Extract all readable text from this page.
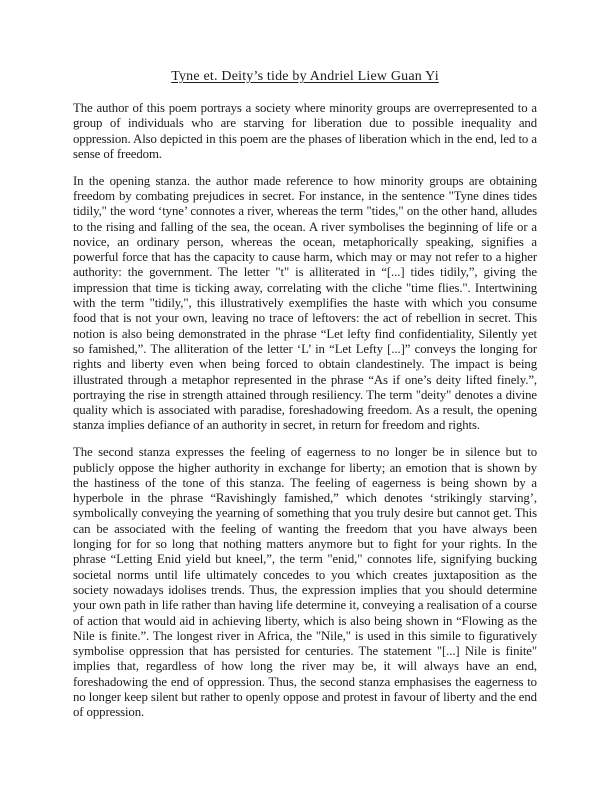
Tyne et. Deity’s tide by Andriel Liew Guan Yi

The author of this poem portrays a society where minority groups are overrepresented to a group of individuals who are starving for liberation due to possible inequality and oppression. Also depicted in this poem are the phases of liberation which in the end, led to a sense of freedom.

In the opening stanza. the author made reference to how minority groups are obtaining freedom by combating prejudices in secret. For instance, in the sentence "Tyne dines tides tidily," the word ‘tyne’ connotes a river, whereas the term "tides," on the other hand, alludes to the rising and falling of the sea, the ocean. A river symbolises the beginning of life or a novice, an ordinary person, whereas the ocean, metaphorically speaking, signifies a powerful force that has the capacity to cause harm, which may or may not refer to a higher authority: the government. The letter "t" is alliterated in “[...] tides tidily,”, giving the impression that time is ticking away, correlating with the cliche "time flies.". Intertwining with the term "tidily,", this illustratively exemplifies the haste with which you consume food that is not your own, leaving no trace of leftovers: the act of rebellion in secret. This notion is also being demonstrated in the phrase “Let lefty find confidentiality, Silently yet so famished,”. The alliteration of the letter ‘L’ in “Let Lefty [...]” conveys the longing for rights and liberty even when being forced to obtain clandestinely. The impact is being illustrated through a metaphor represented in the phrase “As if one’s deity lifted finely.”, portraying the rise in strength attained through resiliency. The term "deity" denotes a divine quality which is associated with paradise, foreshadowing freedom. As a result, the opening stanza implies defiance of an authority in secret, in return for freedom and rights.

The second stanza expresses the feeling of eagerness to no longer be in silence but to publicly oppose the higher authority in exchange for liberty; an emotion that is shown by the hastiness of the tone of this stanza. The feeling of eagerness is being shown by a hyperbole in the phrase “Ravishingly famished,” which denotes ‘strikingly starving’, symbolically conveying the yearning of something that you truly desire but cannot get. This can be associated with the feeling of wanting the freedom that you have always been longing for for so long that nothing matters anymore but to fight for your rights. In the phrase “Letting Enid yield but kneel,”, the term "enid," connotes life, signifying bucking societal norms until life ultimately concedes to you which creates juxtaposition as the society nowadays idolises trends. Thus, the expression implies that you should determine your own path in life rather than having life determine it, conveying a realisation of a course of action that would aid in achieving liberty, which is also being shown in “Flowing as the Nile is finite.”. The longest river in Africa, the "Nile," is used in this simile to figuratively symbolise oppression that has persisted for centuries. The statement "[...] Nile is finite" implies that, regardless of how long the river may be, it will always have an end, foreshadowing the end of oppression. Thus, the second stanza emphasises the eagerness to no longer keep silent but rather to openly oppose and protest in favour of liberty and the end of oppression.
